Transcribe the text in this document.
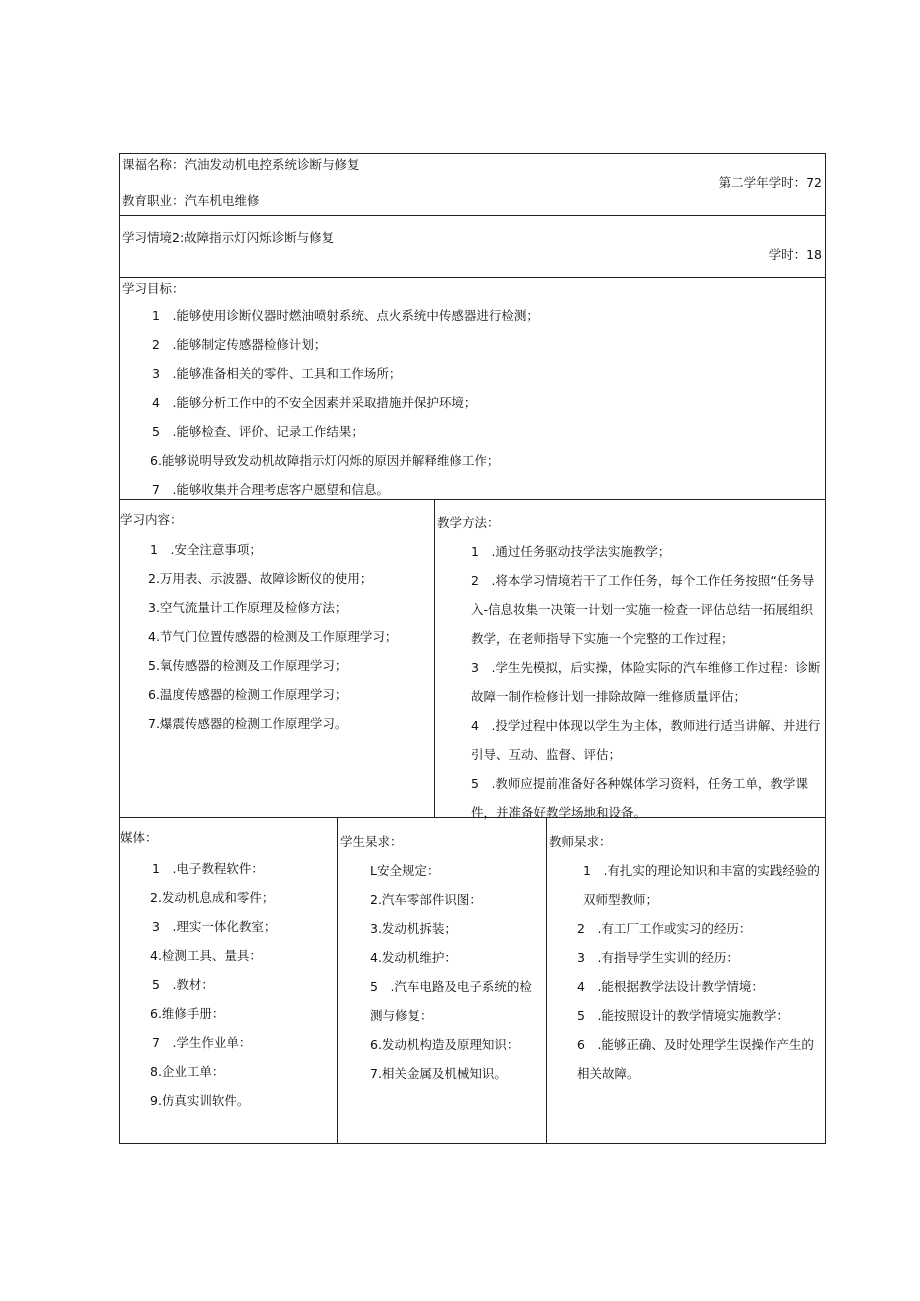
课福名称：汽油发动机电控系统诊断与修复
第二学年学时：72
教育职业：汽车机电维修
学习情境2:故障指示灯闪烁诊断与修复
学时：18
学习目标：
1　.能够使用诊断仪器时燃油喷射系统、点火系统中传感器进行检测；
2　.能够制定传感器检修计划；
3　.能够准备相关的零件、工具和工作场所；
4　.能够分析工作中的不安全因素并采取措施并保护环境；
5　.能够检查、评价、记录工作结果；
6.能够说明导致发动机故障指示灯闪烁的原因并解释维修工作；
7　.能够收集并合理考虑客户愿望和信息。
学习内容：
1　.安全注意事项；
2.万用表、示波器、故障诊断仪的使用；
3.空气流量计工作原理及检修方法；
4.节气门位置传感器的检测及工作原理学习；
5.氧传感器的检测及工作原理学习；
6.温度传感器的检测工作原理学习；
7.爆震传感器的检测工作原理学习。
教学方法：
1　.通过任务驱动技学法实施教学；
2　.将本学习情境若干了工作任务，每个工作任务按照“任务导入-信息妆集一决策一计划一实施一检查一评估总结一拓展组织教学，在老师指导下实施一个完整的工作过程；
3　.学生先模拟，后实操，体险实际的汽车维修工作过程：诊断故障一制作检修计划一排除故障一维修质量评估；
4　.投学过程中体现以学生为主体，教师进行适当讲解、并进行引导、互动、监督、评估；
5　.教师应提前准备好各种媒体学习资料，任务工单，教学课件，并准备好教学场地和设备。
媒体：
1　.电子教程软件：
2.发动机息成和零件；
3　.理实一体化教室；
4.检测工具、量具：
5　.教材：
6.维修手册：
7　.学生作业单：
8.企业工单：
9.仿真实训软件。
学生杲求：
L安全规定：
2.汽车零部件识图：
3.发动机拆装；
4.发动机维护：
5　.汽车电路及电子系统的检测与修复：
6.发动机构造及原理知识：
7.相关金属及机械知识。
教师杲求：
1　.有扎实的理论知识和丰富的实践经验的双师型教师；
2　.有工厂工作或实习的经历：
3　.有指导学生实训的经历：
4　.能根据教学法设计教学情境：
5　.能按照设计的教学情境实施教学：
6　.能够正确、及时处理学生误操作产生的相关故障。
